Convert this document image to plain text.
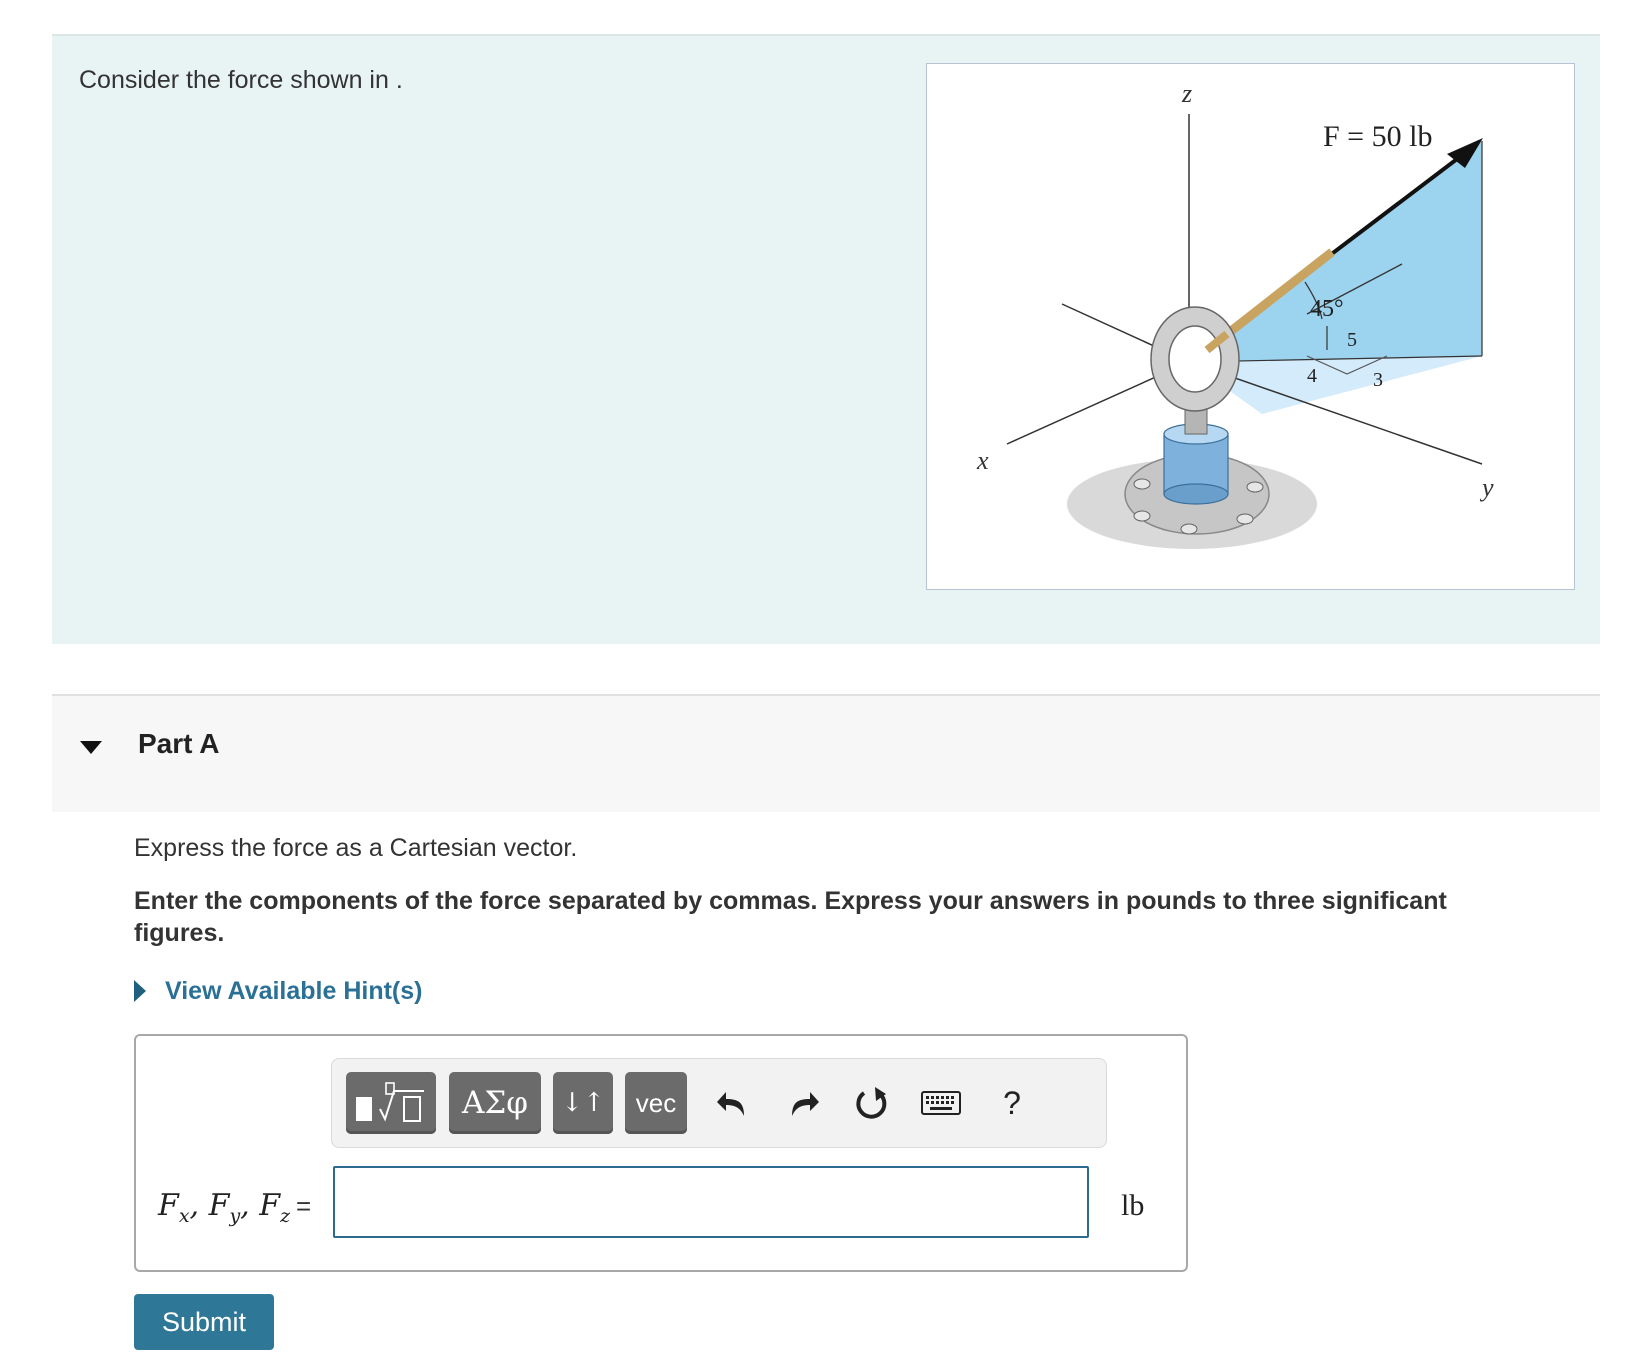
Consider the force shown in .	z
x
y
F = 50 lb
45°
5
4	3
Part A
Express the force as a Cartesian vector.
Enter the components of the force separated by commas. Express your answers in pounds to three significant figures.
View Available Hint(s)
ΑΣφ	↓↑	vec	?
$F_x$, $F_y$, $F_z$ =	lb
Submit
